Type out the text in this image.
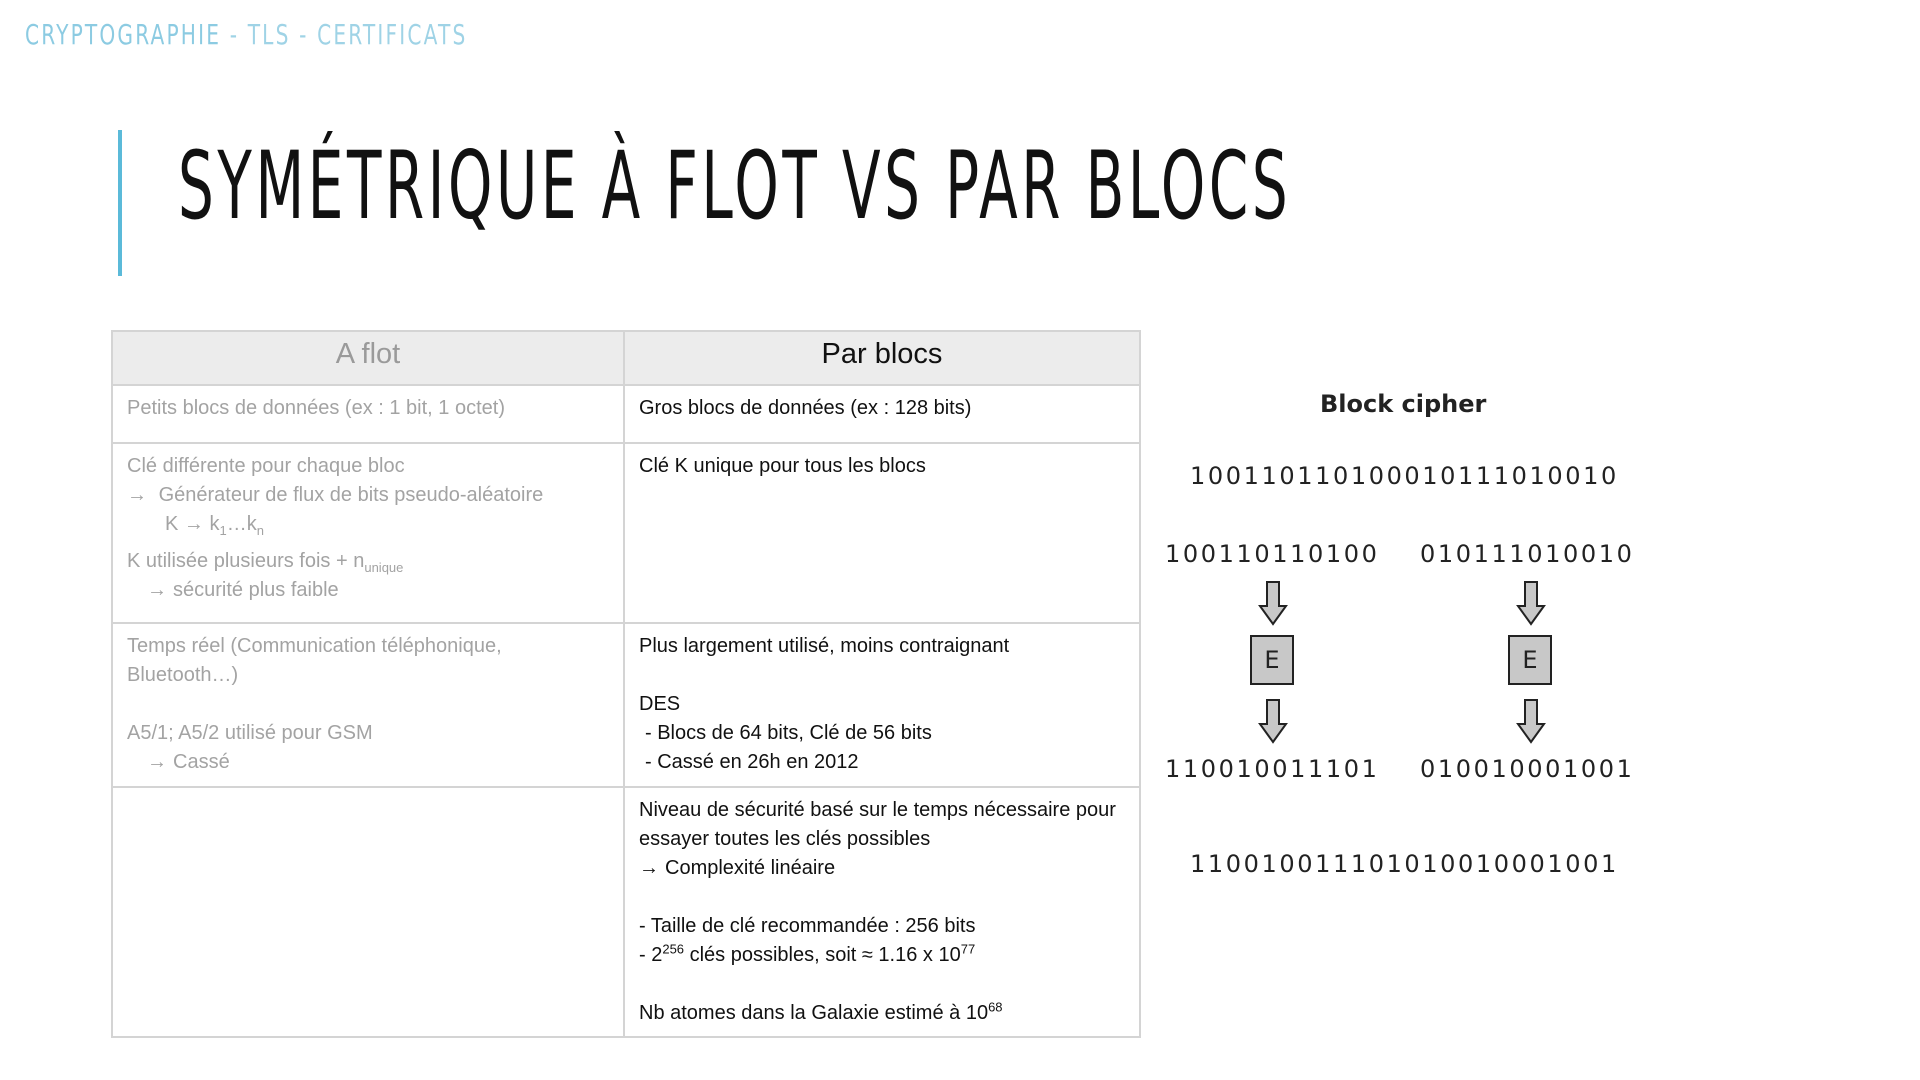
CRYPTOGRAPHIE - TLS - CERTIFICATS
SYMÉTRIQUE À FLOT VS PAR BLOCS
A flot	Par blocs
Petits blocs de données (ex : 1 bit, 1 octet)	Gros blocs de données (ex : 128 bits)

Clé différente pour chaque bloc
→ Générateur de flux de bits pseudo-aléatoire
$K \to k_1\dots k_n$
K utilisée plusieurs fois + $n_{unique}$
→ sécurité plus faible	Clé K unique pour tous les blocs

Temps réel (Communication téléphonique, Bluetooth…)
A5/1; A5/2 utilisé pour GSM
→ Cassé	Plus largement utilisé, moins contraignant
DES
- Blocs de 64 bits, Clé de 56 bits
- Cassé en 26h en 2012

	Niveau de sécurité basé sur le temps nécessaire pour essayer toutes les clés possibles
→ Complexité linéaire
- Taille de clé recommandée : 256 bits
- $2^{256}$ clés possibles, soit ≈ 1.16 x $10^{77}$
Nb atomes dans la Galaxie estimé à $10^{68}$
Block cipher
100110110100010111010010
100110110100 010111010010
E	E
110010011101 010010001001
110010011101010010001001
